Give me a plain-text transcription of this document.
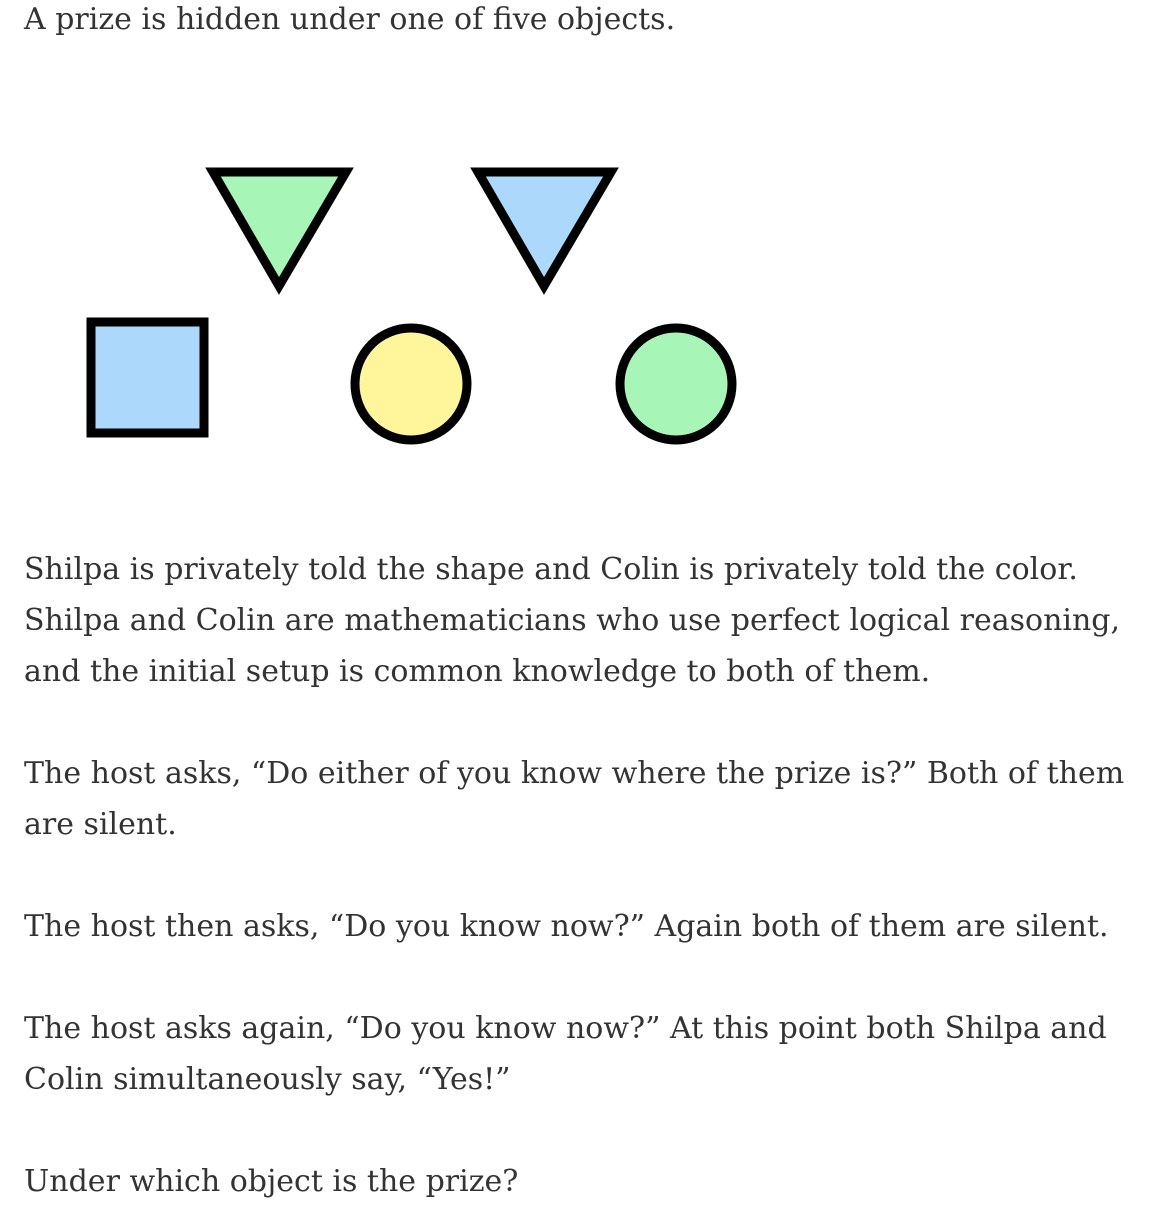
A prize is hidden under one of five objects.

Shilpa is privately told the shape and Colin is privately told the color. Shilpa and Colin are mathematicians who use perfect logical reasoning, and the initial setup is common knowledge to both of them.

The host asks, “Do either of you know where the prize is?” Both of them are silent.

The host then asks, “Do you know now?” Again both of them are silent.

The host asks again, “Do you know now?” At this point both Shilpa and Colin simultaneously say, “Yes!”

Under which object is the prize?
